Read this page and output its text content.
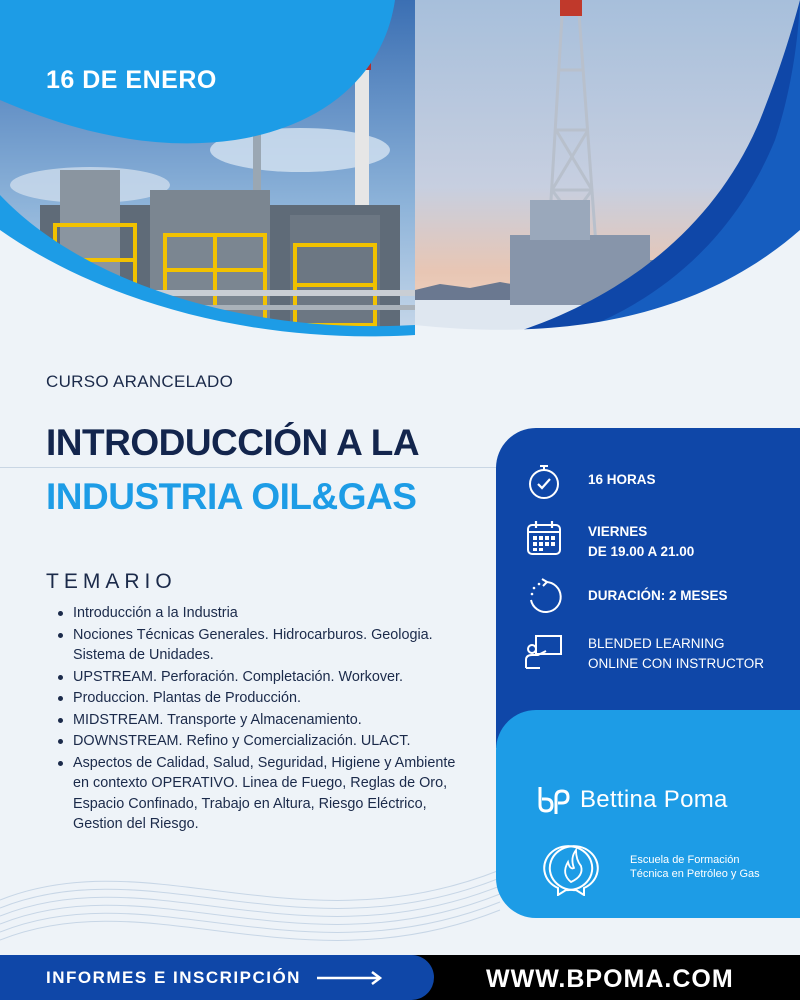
16 DE ENERO
CURSO ARANCELADO
INTRODUCCIÓN A LA
INDUSTRIA OIL&GAS
TEMARIO
Introducción a la Industria
Nociones Técnicas Generales. Hidrocarburos. Geologia. Sistema de Unidades.
UPSTREAM. Perforación. Completación. Workover.
Produccion. Plantas de Producción.
MIDSTREAM. Transporte y Almacenamiento.
DOWNSTREAM. Refino y Comercialización. ULACT.
Aspectos de Calidad, Salud, Seguridad, Higiene y Ambiente en contexto OPERATIVO. Linea de Fuego, Reglas de Oro, Espacio Confinado, Trabajo en Altura, Riesgo Eléctrico, Gestion del Riesgo.
16 HORAS
VIERNES
DE 19.00 A 21.00
DURACIÓN: 2 MESES
BLENDED LEARNING
ONLINE CON INSTRUCTOR
Bettina Poma
Escuela de Formación
Técnica en Petróleo y Gas
INFORMES E INSCRIPCIÓN	WWW.BPOMA.COM
